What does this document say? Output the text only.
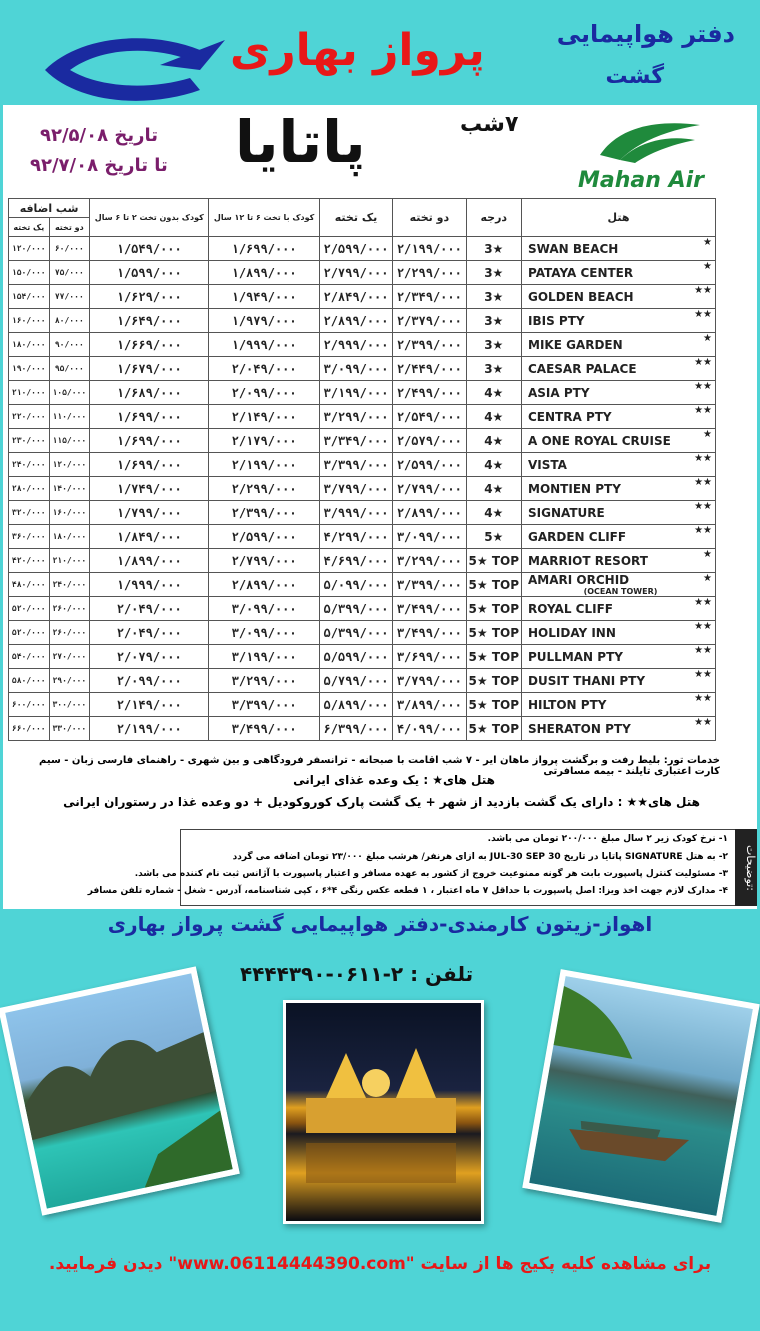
پرواز بهاری	دفتر هواپیمایی
گشت
پاتایا	۷شب
تاریخ ۹۲/۵/۰۸
تا تاریخ ۹۲/۷/۰۸
Mahan Air
شب اضافه		کودک بدون تخت ۲ تا ۶ سال	کودک با تخت ۶ تا ۱۲ سال	یک تخته	دو تخته	درجه	هتل
یک تخته	دو تخته						
۱۲۰/۰۰۰	۶۰/۰۰۰	۱/۵۴۹/۰۰۰	۱/۶۹۹/۰۰۰	۲/۵۹۹/۰۰۰	۲/۱۹۹/۰۰۰	3★	SWAN BEACH ★

۱۵۰/۰۰۰	۷۵/۰۰۰	۱/۵۹۹/۰۰۰	۱/۸۹۹/۰۰۰	۲/۷۹۹/۰۰۰	۲/۲۹۹/۰۰۰	3★	PATAYA CENTER ★

۱۵۴/۰۰۰	۷۷/۰۰۰	۱/۶۲۹/۰۰۰	۱/۹۴۹/۰۰۰	۲/۸۴۹/۰۰۰	۲/۳۴۹/۰۰۰	3★	GOLDEN BEACH ★★

۱۶۰/۰۰۰	۸۰/۰۰۰	۱/۶۴۹/۰۰۰	۱/۹۷۹/۰۰۰	۲/۸۹۹/۰۰۰	۲/۳۷۹/۰۰۰	3★	IBIS PTY ★★

۱۸۰/۰۰۰	۹۰/۰۰۰	۱/۶۶۹/۰۰۰	۱/۹۹۹/۰۰۰	۲/۹۹۹/۰۰۰	۲/۳۹۹/۰۰۰	3★	MIKE GARDEN ★

۱۹۰/۰۰۰	۹۵/۰۰۰	۱/۶۷۹/۰۰۰	۲/۰۴۹/۰۰۰	۳/۰۹۹/۰۰۰	۲/۴۴۹/۰۰۰	3★	CAESAR PALACE ★★

۲۱۰/۰۰۰	۱۰۵/۰۰۰	۱/۶۸۹/۰۰۰	۲/۰۹۹/۰۰۰	۳/۱۹۹/۰۰۰	۲/۴۹۹/۰۰۰	4★	ASIA PTY ★★

۲۲۰/۰۰۰	۱۱۰/۰۰۰	۱/۶۹۹/۰۰۰	۲/۱۴۹/۰۰۰	۳/۲۹۹/۰۰۰	۲/۵۴۹/۰۰۰	4★	CENTRA PTY ★★

۲۳۰/۰۰۰	۱۱۵/۰۰۰	۱/۶۹۹/۰۰۰	۲/۱۷۹/۰۰۰	۳/۳۴۹/۰۰۰	۲/۵۷۹/۰۰۰	4★	A ONE ROYAL CRUISE ★

۲۴۰/۰۰۰	۱۲۰/۰۰۰	۱/۶۹۹/۰۰۰	۲/۱۹۹/۰۰۰	۳/۳۹۹/۰۰۰	۲/۵۹۹/۰۰۰	4★	VISTA ★★

۲۸۰/۰۰۰	۱۴۰/۰۰۰	۱/۷۴۹/۰۰۰	۲/۲۹۹/۰۰۰	۳/۷۹۹/۰۰۰	۲/۷۹۹/۰۰۰	4★	MONTIEN PTY ★★

۳۲۰/۰۰۰	۱۶۰/۰۰۰	۱/۷۹۹/۰۰۰	۲/۳۹۹/۰۰۰	۳/۹۹۹/۰۰۰	۲/۸۹۹/۰۰۰	4★	SIGNATURE ★★

۳۶۰/۰۰۰	۱۸۰/۰۰۰	۱/۸۴۹/۰۰۰	۲/۵۹۹/۰۰۰	۴/۲۹۹/۰۰۰	۳/۰۹۹/۰۰۰	5★	GARDEN CLIFF ★★

۴۲۰/۰۰۰	۲۱۰/۰۰۰	۱/۸۹۹/۰۰۰	۲/۷۹۹/۰۰۰	۴/۶۹۹/۰۰۰	۳/۲۹۹/۰۰۰	5★ TOP	MARRIOT RESORT ★

۴۸۰/۰۰۰	۲۴۰/۰۰۰	۱/۹۹۹/۰۰۰	۲/۸۹۹/۰۰۰	۵/۰۹۹/۰۰۰	۳/۳۹۹/۰۰۰	5★ TOP	AMARI ORCHID ★
(OCEAN TOWER)

۵۲۰/۰۰۰	۲۶۰/۰۰۰	۲/۰۴۹/۰۰۰	۳/۰۹۹/۰۰۰	۵/۳۹۹/۰۰۰	۳/۴۹۹/۰۰۰	5★ TOP	ROYAL CLIFF ★★

۵۲۰/۰۰۰	۲۶۰/۰۰۰	۲/۰۴۹/۰۰۰	۳/۰۹۹/۰۰۰	۵/۳۹۹/۰۰۰	۳/۴۹۹/۰۰۰	5★ TOP	HOLIDAY INN ★★

۵۴۰/۰۰۰	۲۷۰/۰۰۰	۲/۰۷۹/۰۰۰	۳/۱۹۹/۰۰۰	۵/۵۹۹/۰۰۰	۳/۶۹۹/۰۰۰	5★ TOP	PULLMAN PTY ★★

۵۸۰/۰۰۰	۲۹۰/۰۰۰	۲/۰۹۹/۰۰۰	۳/۲۹۹/۰۰۰	۵/۷۹۹/۰۰۰	۳/۷۹۹/۰۰۰	5★ TOP	DUSIT THANI PTY ★★

۶۰۰/۰۰۰	۳۰۰/۰۰۰	۲/۱۴۹/۰۰۰	۳/۳۹۹/۰۰۰	۵/۸۹۹/۰۰۰	۳/۸۹۹/۰۰۰	5★ TOP	HILTON PTY ★★

۶۶۰/۰۰۰	۳۳۰/۰۰۰	۲/۱۹۹/۰۰۰	۳/۴۹۹/۰۰۰	۶/۳۹۹/۰۰۰	۴/۰۹۹/۰۰۰	5★ TOP	SHERATON PTY ★★
خدمات تور: بلیط رفت و برگشت پرواز ماهان ایر - ۷ شب اقامت با صبحانه - ترانسفر فرودگاهی و بین شهری - راهنمای فارسی زبان - سیم کارت اعتباری تایلند - بیمه مسافرتی
هتل های★ : یک وعده غذای ایرانی
هتل های★★ : دارای یک گشت بازدید از شهر + یک گشت پارک کوروکودیل + دو وعده غذا در رستوران ایرانی
توضیحات:
۱- نرخ کودک زیر ۲ سال مبلغ ۲۰۰/۰۰۰ تومان می باشد.
۲- به هتل SIGNATURE پاتایا در تاریخ 30 JUL-30 SEP به ازای هرنفر/ هرشب مبلغ ۲۳/۰۰۰ تومان اضافه می گردد
۳- مسئولیت کنترل پاسپورت بابت هر گونه ممنوعیت خروج از کشور به عهده مسافر و اعتبار پاسپورت با آژانس ثبت نام کننده می باشد.
۴- مدارک لازم جهت اخذ ویزا: اصل پاسپورت با حداقل ۷ ماه اعتبار ، ۱ قطعه عکس رنگی ۴*۶ ، کپی شناسنامه، آدرس - شغل - شماره تلفن مسافر
اهواز-زیتون کارمندی-دفتر هواپیمایی گشت پرواز بهاری
تلفن : ۲-۰۶۱۱-۴۴۴۴۳۹۰
برای مشاهده کلیه پکیج ها از سایت "www.06114444390.com" دیدن فرمایید.
